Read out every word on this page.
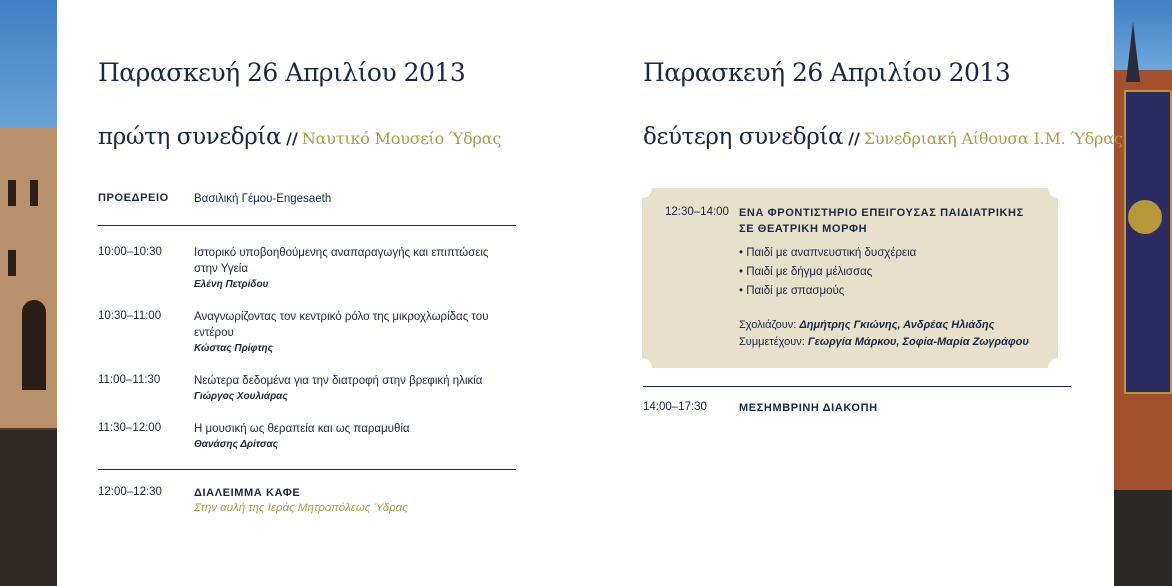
Παρασκευή 26 Απριλίου 2013
πρώτη συνεδρία // Ναυτικό Μουσείο Ύδρας
ΠΡΟΕΔΡΕΙΟ Βασιλική Γέμου-Engesaeth
10:00–10:30	Ιστορικό υποβοηθούμενης αναπαραγωγής και επιπτώσεις στην Υγεία
Ελένη Πετρίδου
10:30–11:00	Αναγνωρίζοντας τον κεντρικό ρόλο της μικροχλωρίδας του εντέρου
Κώστας Πρίφτης
11:00–11:30	Νεώτερα δεδομένα για την διατροφή στην βρεφική ηλικία
Γιώργος Χουλιάρας
11:30–12:00	Η μουσική ως θεραπεία και ως παραμυθία
Θανάσης Δρίτσας
12:00–12:30	ΔΙΑΛΕΙΜΜΑ ΚΑΦΕ
Στην αυλή της Ιεράς Μητροπόλεως Ύδρας
Παρασκευή 26 Απριλίου 2013
δεύτερη συνεδρία // Συνεδριακή Αίθουσα Ι.Μ. Ύδρας
12:30–14:00 ΕΝΑ ΦΡΟΝΤΙΣΤΗΡΙΟ ΕΠΕΙΓΟΥΣΑΣ ΠΑΙΔΙΑΤΡΙΚΗΣ
ΣΕ ΘΕΑΤΡΙΚΗ ΜΟΡΦΗ
• Παιδί με αναπνευστική δυσχέρεια
• Παιδί με δήγμα μέλισσας
• Παιδί με σπασμούς
Σχολιάζουν: Δημήτρης Γκιώνης, Ανδρέας Ηλιάδης
Συμμετέχουν: Γεωργία Μάρκου, Σοφία-Μαρία Ζωγράφου
14:00–17:30	ΜΕΣΗΜΒΡΙΝΗ ΔΙΑΚΟΠΗ
